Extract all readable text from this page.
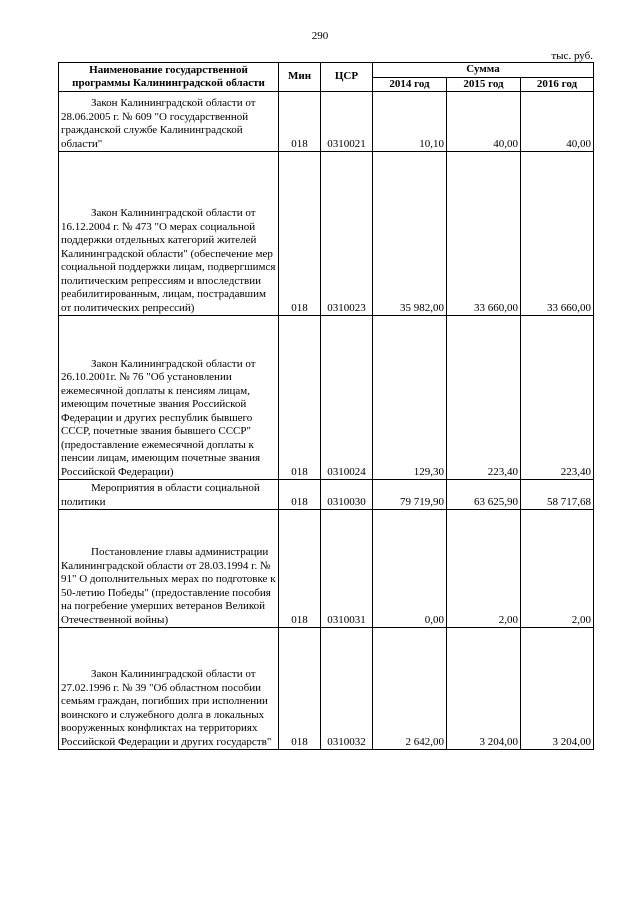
290
тыс. руб.
Наименование государственной программы Калининградской области	Мин	ЦСР	Сумма		
			2014 год	2015 год	2016 год
Закон Калининградской области от 28.06.2005 г. № 609 "О государственной гражданской службе Калининградской области"	018	0310021	10,10	40,00	40,00
Закон Калининградской области от 16.12.2004 г. № 473 "О мерах социальной поддержки отдельных категорий жителей Калининградской области" (обеспечение мер социальной поддержки лицам, подвергшимся политическим репрессиям и впоследствии реабилитированным, лицам, пострадавшим от политических репрессий)	018	0310023	35 982,00	33 660,00	33 660,00
Закон Калининградской области от 26.10.2001г. № 76 "Об установлении ежемесячной доплаты к пенсиям лицам, имеющим почетные звания Российской Федерации и других республик бывшего СССР, почетные звания бывшего СССР" (предоставление ежемесячной доплаты к пенсии лицам, имеющим почетные звания Российской Федерации)	018	0310024	129,30	223,40	223,40
Мероприятия в области социальной политики	018	0310030	79 719,90	63 625,90	58 717,68
Постановление главы администрации Калининградской области от 28.03.1994 г. № 91" О дополнительных мерах по подготовке к 50-летию Победы" (предоставление пособия на погребение умерших ветеранов Великой Отечественной войны)	018	0310031	0,00	2,00	2,00
Закон Калининградской области от 27.02.1996 г. № 39 "Об областном пособии семьям граждан, погибших при исполнении воинского и служебного долга в локальных вооруженных конфликтах на территориях Российской Федерации и других государств"	018	0310032	2 642,00	3 204,00	3 204,00
